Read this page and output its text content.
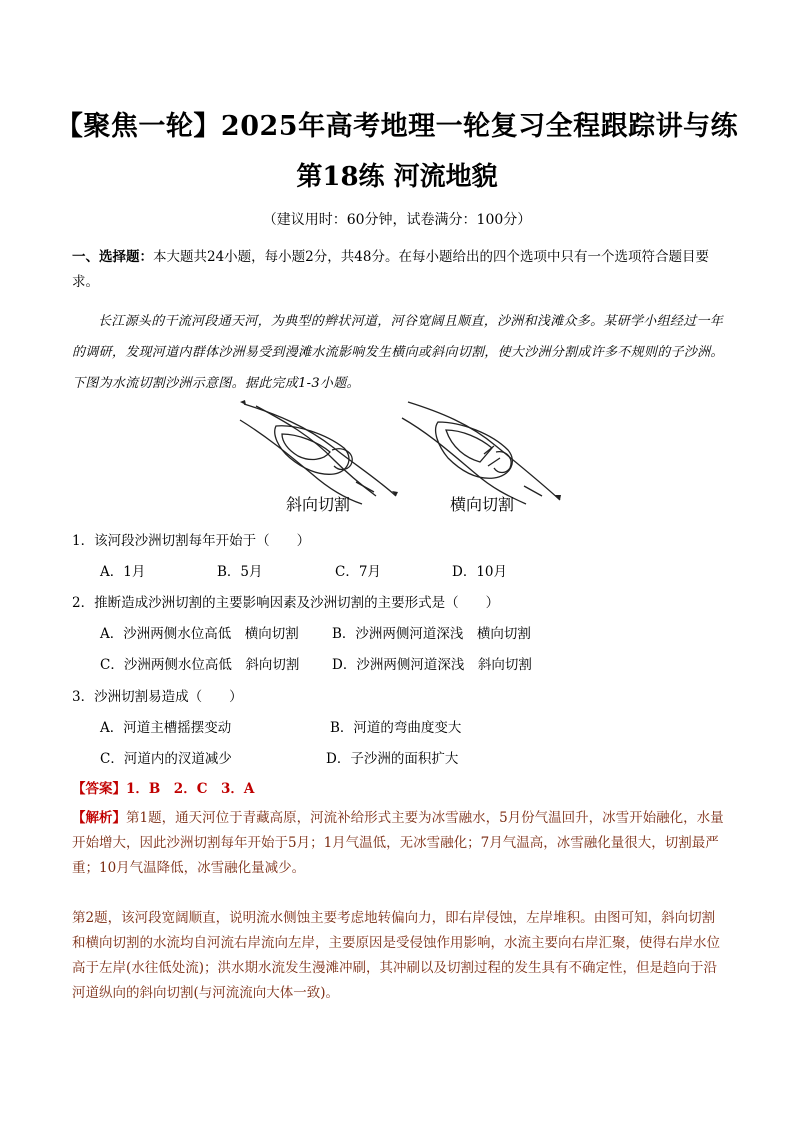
【聚焦一轮】2025年高考地理一轮复习全程跟踪讲与练
第18练 河流地貌
（建议用时：60分钟，试卷满分：100分）
一、选择题：本大题共24小题，每小题2分，共48分。在每小题给出的四个选项中只有一个选项符合题目要求。
长江源头的干流河段通天河，为典型的辫状河道，河谷宽阔且顺直，沙洲和浅滩众多。某研学小组经过一年的调研，发现河道内群体沙洲易受到漫滩水流影响发生横向或斜向切割，使大沙洲分割成许多不规则的子沙洲。下图为水流切割沙洲示意图。据此完成1-3小题。
斜向切割	横向切割
1．该河段沙洲切割每年开始于（　　）
A．1月	B．5月	C．7月	D．10月
2．推断造成沙洲切割的主要影响因素及沙洲切割的主要形式是（　　）
A．沙洲两侧水位高低　横向切割 B．沙洲两侧河道深浅　横向切割
C．沙洲两侧水位高低　斜向切割 D．沙洲两侧河道深浅　斜向切割
3．沙洲切割易造成（　　）
A．河道主槽摇摆变动	B．河道的弯曲度变大
C．河道内的汊道减少	D．子沙洲的面积扩大
【答案】1．B　2．C　3．A
【解析】第1题，通天河位于青藏高原，河流补给形式主要为冰雪融水，5月份气温回升，冰雪开始融化，水量开始增大，因此沙洲切割每年开始于5月；1月气温低，无冰雪融化；7月气温高，冰雪融化量很大，切割最严重；10月气温降低，冰雪融化量减少。
第2题，该河段宽阔顺直，说明流水侧蚀主要考虑地转偏向力，即右岸侵蚀，左岸堆积。由图可知，斜向切割和横向切割的水流均自河流右岸流向左岸，主要原因是受侵蚀作用影响，水流主要向右岸汇聚，使得右岸水位高于左岸(水往低处流)；洪水期水流发生漫滩冲刷，其冲刷以及切割过程的发生具有不确定性，但是趋向于沿河道纵向的斜向切割(与河流流向大体一致)。
